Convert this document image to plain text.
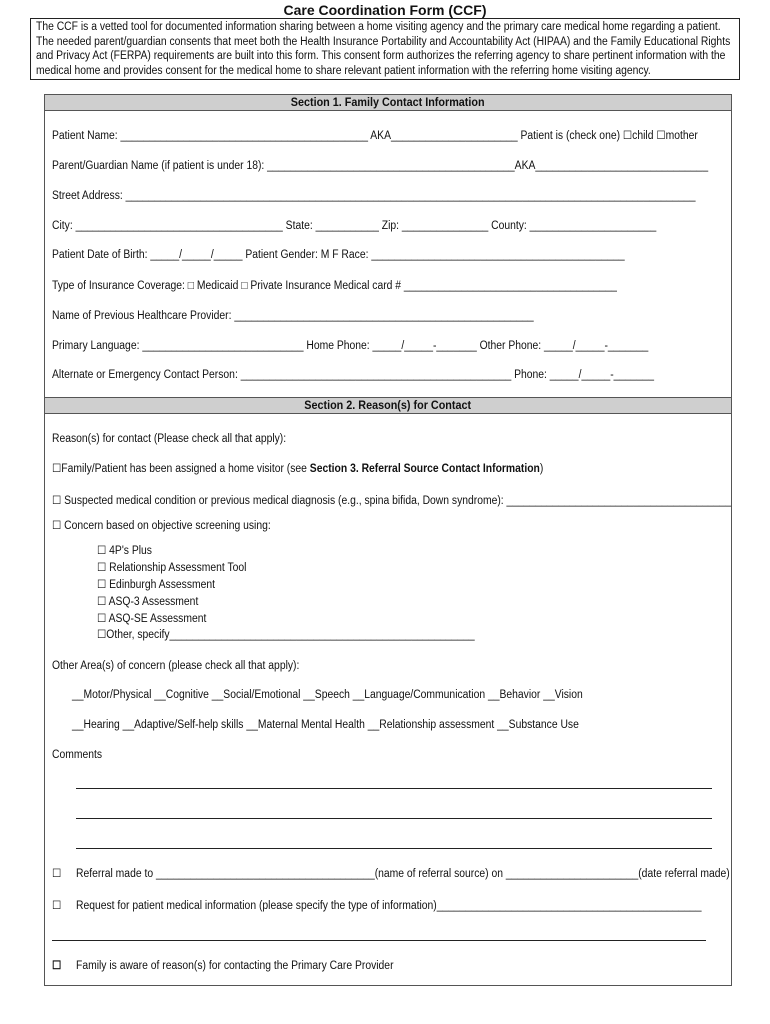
Care Coordination Form (CCF)

The CCF is a vetted tool for documented information sharing between a home visiting agency and the primary care medical home regarding a patient. The needed parent/guardian consents that meet both the Health Insurance Portability and Accountability Act (HIPAA) and the Family Educational Rights and Privacy Act (FERPA) requirements are built into this form. This consent form authorizes the referring agency to share pertinent information with the medical home and provides consent for the medical home to share relevant patient information with the referring home visiting agency.

Section 1. Family Contact Information
Patient Name: ___________________________________________ AKA______________________ Patient is (check one) ☐child ☐mother
Parent/Guardian Name (if patient is under 18): ___________________________________________AKA______________________________
Street Address: ___________________________________________________________________________________________________
City: ____________________________________ State: ___________ Zip: _______________ County: ______________________
Patient Date of Birth: _____/_____/_____ Patient Gender: M F Race: ____________________________________________
Type of Insurance Coverage: □ Medicaid □ Private Insurance Medical card # _____________________________________
Name of Previous Healthcare Provider: ____________________________________________________
Primary Language: ____________________________ Home Phone: _____/_____-_______ Other Phone: _____/_____-_______
Alternate or Emergency Contact Person: _______________________________________________ Phone: _____/_____-_______
Section 2. Reason(s) for Contact
Reason(s) for contact (Please check all that apply):
☐Family/Patient has been assigned a home visitor (see Section 3. Referral Source Contact Information)
☐ Suspected medical condition or previous medical diagnosis (e.g., spina bifida, Down syndrome): _______________________________________
☐ Concern based on objective screening using:
☐ 4P's Plus
☐ Relationship Assessment Tool
☐ Edinburgh Assessment
☐ ASQ-3 Assessment
☐ ASQ-SE Assessment
☐Other, specify_____________________________________________________
Other Area(s) of concern (please check all that apply):
__Motor/Physical __Cognitive __Social/Emotional __Speech __Language/Communication __Behavior __Vision
__Hearing __Adaptive/Self-help skills __Maternal Mental Health __Relationship assessment __Substance Use
Comments
☐ Referral made to ______________________________________(name of referral source) on _______________________(date referral made)
☐ Request for patient medical information (please specify the type of information)______________________________________________
☐ Family is aware of reason(s) for contacting the Primary Care Provider
